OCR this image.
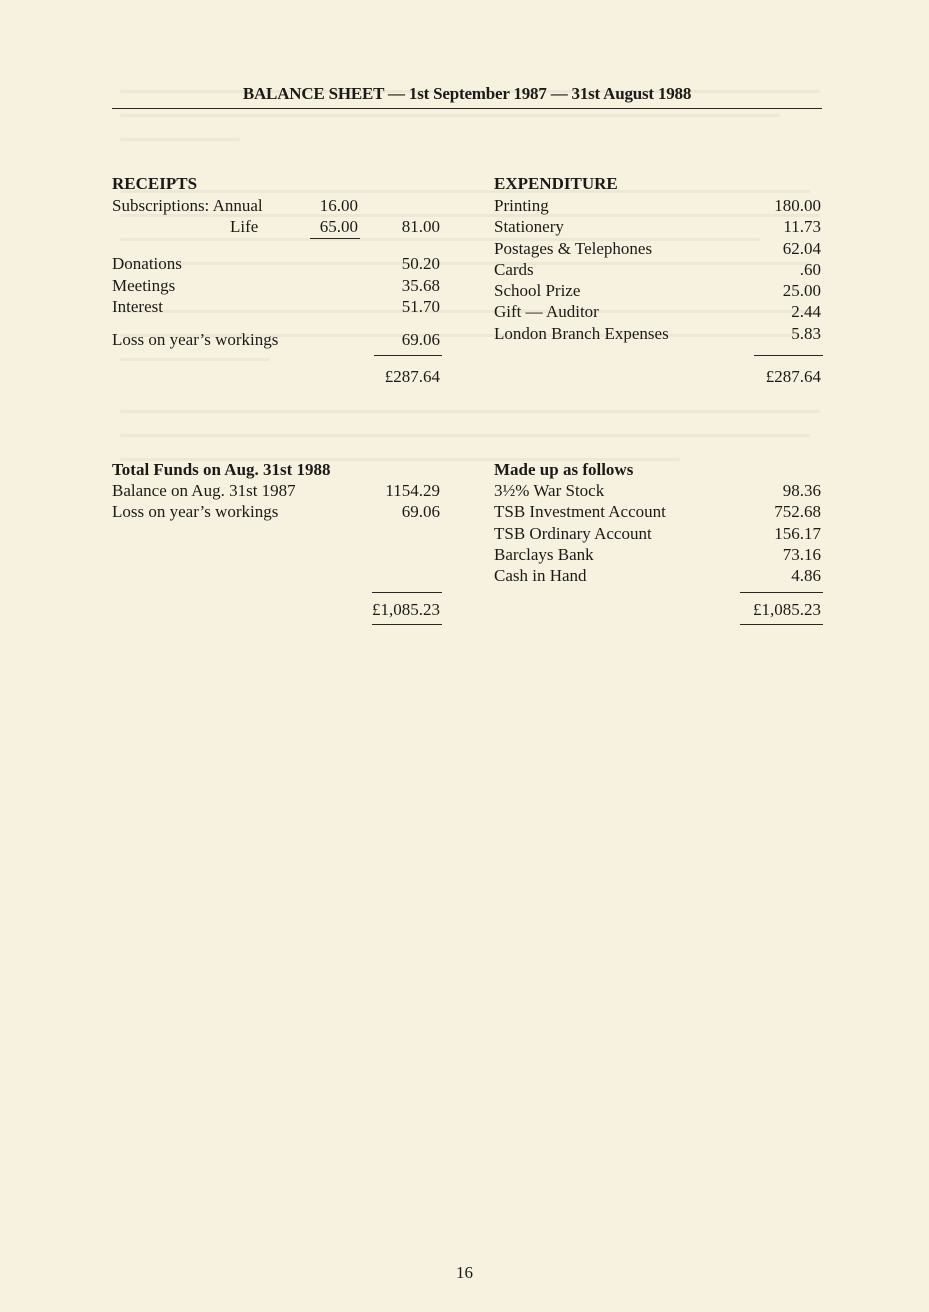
BALANCE SHEET — 1st September 1987 — 31st August 1988
RECEIPTS
Subscriptions: Annual	16.00
Life	65.00	81.00
Donations	50.20
Meetings	35.68
Interest	51.70
Loss on year’s workings	69.06
£287.64
EXPENDITURE
Printing	180.00
Stationery	11.73
Postages & Telephones	62.04
Cards	.60
School Prize	25.00
Gift — Auditor	2.44
London Branch Expenses	5.83
£287.64
Total Funds on Aug. 31st 1988
Balance on Aug. 31st 1987	1154.29
Loss on year’s workings	69.06
£1,085.23
Made up as follows
3½% War Stock	98.36
TSB Investment Account	752.68
TSB Ordinary Account	156.17
Barclays Bank	73.16
Cash in Hand	4.86
£1,085.23
16
